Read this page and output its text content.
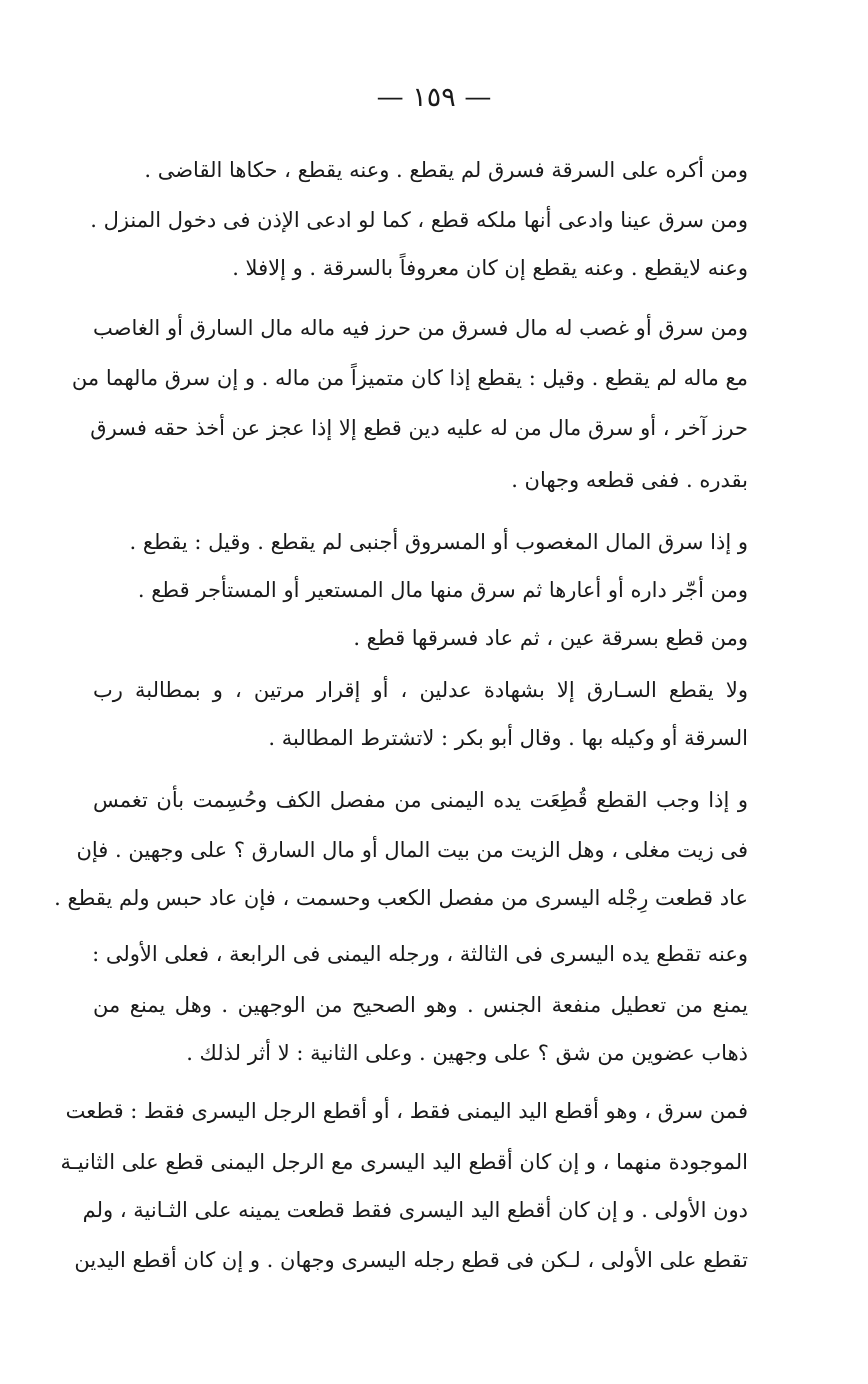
— ١٥٩ —
ومن أكره على السرقة فسرق لم يقطع . وعنه يقطع ، حكاها القاضى .
ومن سرق عينا وادعى أنها ملكه قطع ، كما لو ادعى الإذن فى دخول المنزل .
وعنه لايقطع . وعنه يقطع إن كان معروفاً بالسرقة . و إلافلا .
ومن سرق أو غصب له مال فسرق من حرز فيه ماله مال السارق أو الغاصب
مع ماله لم يقطع . وقيل : يقطع إذا كان متميزاً من ماله . و إن سرق مالهما من
حرز آخر ، أو سرق مال من له عليه دين قطع إلا إذا عجز عن أخذ حقه فسرق
بقدره . ففى قطعه وجهان .
و إذا سرق المال المغصوب أو المسروق أجنبى لم يقطع . وقيل : يقطع .
ومن أجّر داره أو أعارها ثم سرق منها مال المستعير أو المستأجر قطع .
ومن قطع بسرقة عين ، ثم عاد فسرقها قطع .
ولا يقطع السـارق إلا بشهادة عدلين ، أو إقرار مرتين ، و بمطالبة رب
السرقة أو وكيله بها . وقال أبو بكر : لاتشترط المطالبة .
و إذا وجب القطع قُطِعَت يده اليمنى من مفصل الكف وحُسِمت بأن تغمس
فى زيت مغلى ، وهل الزيت من بيت المال أو مال السارق ؟ على وجهين . فإن
عاد قطعت رِجْله اليسرى من مفصل الكعب وحسمت ، فإن عاد حبس ولم يقطع .
وعنه تقطع يده اليسرى فى الثالثة ، ورجله اليمنى فى الرابعة ، فعلى الأولى :
يمنع من تعطيل منفعة الجنس . وهو الصحيح من الوجهين . وهل يمنع من
ذهاب عضوين من شق ؟ على وجهين . وعلى الثانية : لا أثر لذلك .
فمن سرق ، وهو أقطع اليد اليمنى فقط ، أو أقطع الرجل اليسرى فقط : قطعت
الموجودة منهما ، و إن كان أقطع اليد اليسرى مع الرجل اليمنى قطع على الثانيـة
دون الأولى . و إن كان أقطع اليد اليسرى فقط قطعت يمينه على الثـانية ، ولم
تقطع على الأولى ، لـكن فى قطع رجله اليسرى وجهان . و إن كان أقطع اليدين
